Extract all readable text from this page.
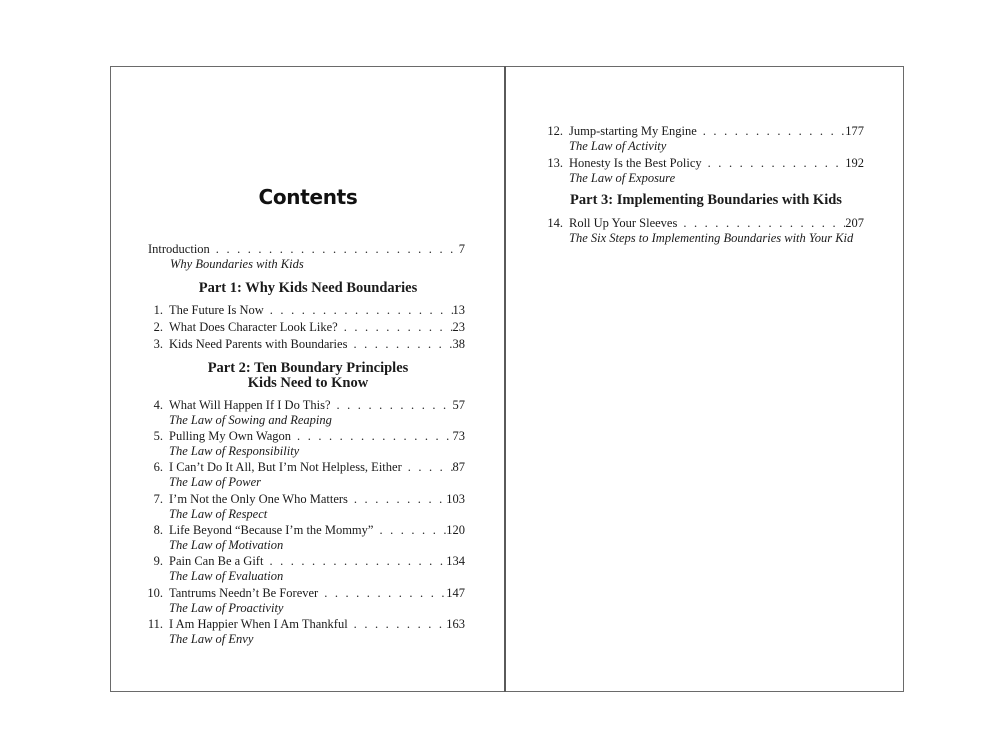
Contents
Introduction . . .	7
Why Boundaries with Kids
Part 1: Why Kids Need Boundaries
1. The Future Is Now . . .	13
2. What Does Character Look Like? . . .	23
3. Kids Need Parents with Boundaries . . .	38
Part 2: Ten Boundary Principles
Kids Need to Know
4. What Will Happen If I Do This? . . .	57
The Law of Sowing and Reaping
5. Pulling My Own Wagon . . .	73
The Law of Responsibility
6. I Can’t Do It All, But I’m Not Helpless, Either . . .	87
The Law of Power
7. I’m Not the Only One Who Matters . . .	103
The Law of Respect
8. Life Beyond “Because I’m the Mommy” . . .	120
The Law of Motivation
9. Pain Can Be a Gift . . .	134
The Law of Evaluation
10. Tantrums Needn’t Be Forever . . .	147
The Law of Proactivity
11. I Am Happier When I Am Thankful . . .	163
The Law of Envy
12. Jump-starting My Engine . . .	177
The Law of Activity
13. Honesty Is the Best Policy . . .	192
The Law of Exposure
Part 3: Implementing Boundaries with Kids
14. Roll Up Your Sleeves . . .	207
The Six Steps to Implementing Boundaries with Your Kid
